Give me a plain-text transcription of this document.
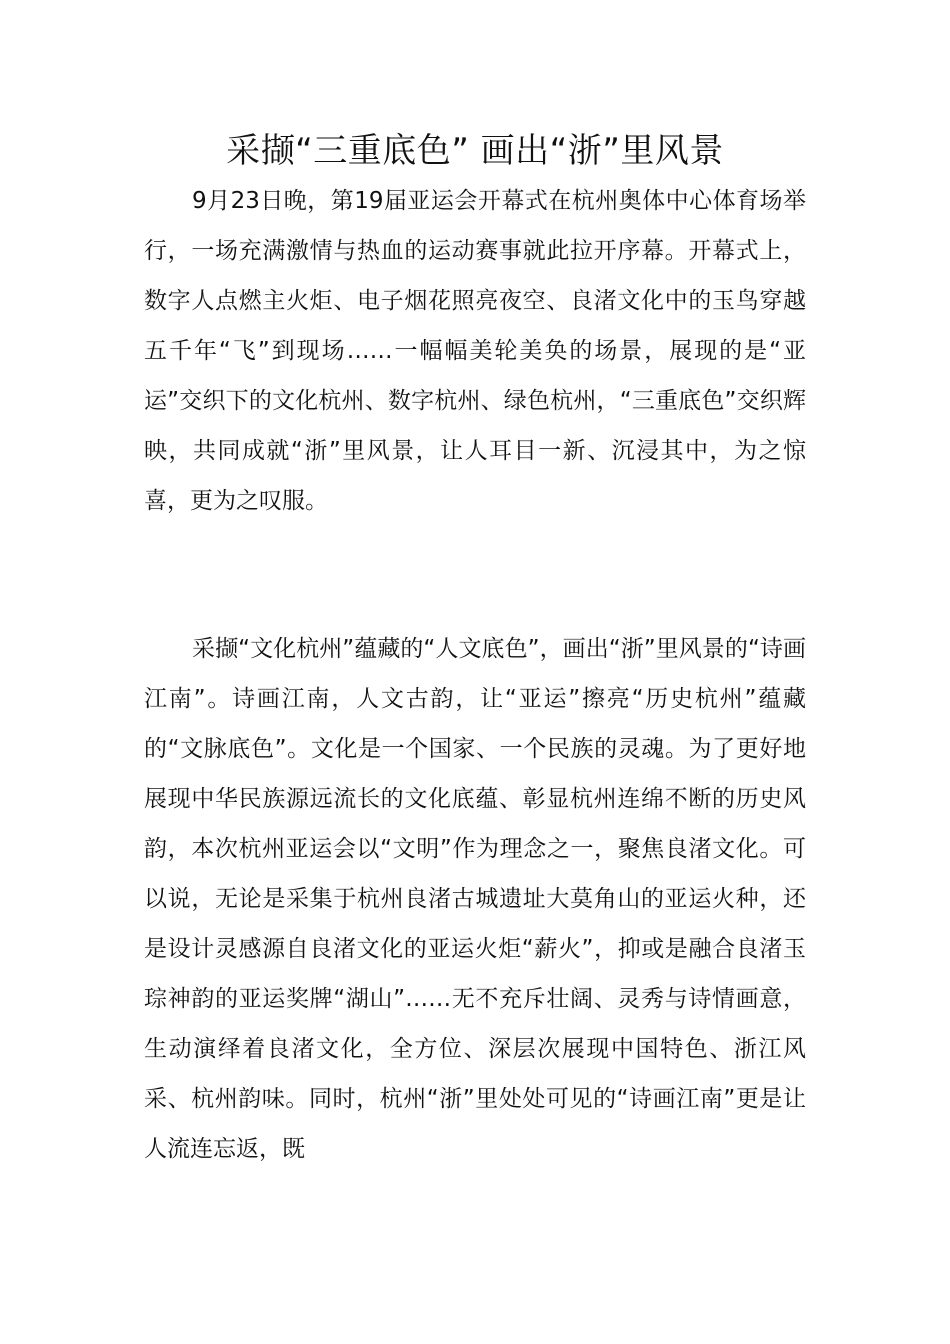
采撷“三重底色” 画出“浙”里风景

9月23日晚，第19届亚运会开幕式在杭州奥体中心体育场举行，一场充满激情与热血的运动赛事就此拉开序幕。开幕式上，数字人点燃主火炬、电子烟花照亮夜空、良渚文化中的玉鸟穿越五千年“飞”到现场……一幅幅美轮美奂的场景，展现的是“亚运”交织下的文化杭州、数字杭州、绿色杭州，“三重底色”交织辉映，共同成就“浙”里风景，让人耳目一新、沉浸其中，为之惊喜，更为之叹服。

采撷“文化杭州”蕴藏的“人文底色”，画出“浙”里风景的“诗画江南”。诗画江南，人文古韵，让“亚运”擦亮“历史杭州”蕴藏的“文脉底色”。文化是一个国家、一个民族的灵魂。为了更好地展现中华民族源远流长的文化底蕴、彰显杭州连绵不断的历史风韵，本次杭州亚运会以“文明”作为理念之一，聚焦良渚文化。可以说，无论是采集于杭州良渚古城遗址大莫角山的亚运火种，还是设计灵感源自良渚文化的亚运火炬“薪火”，抑或是融合良渚玉琮神韵的亚运奖牌“湖山”……无不充斥壮阔、灵秀与诗情画意，生动演绎着良渚文化，全方位、深层次展现中国特色、浙江风采、杭州韵味。同时，杭州“浙”里处处可见的“诗画江南”更是让人流连忘返，既
